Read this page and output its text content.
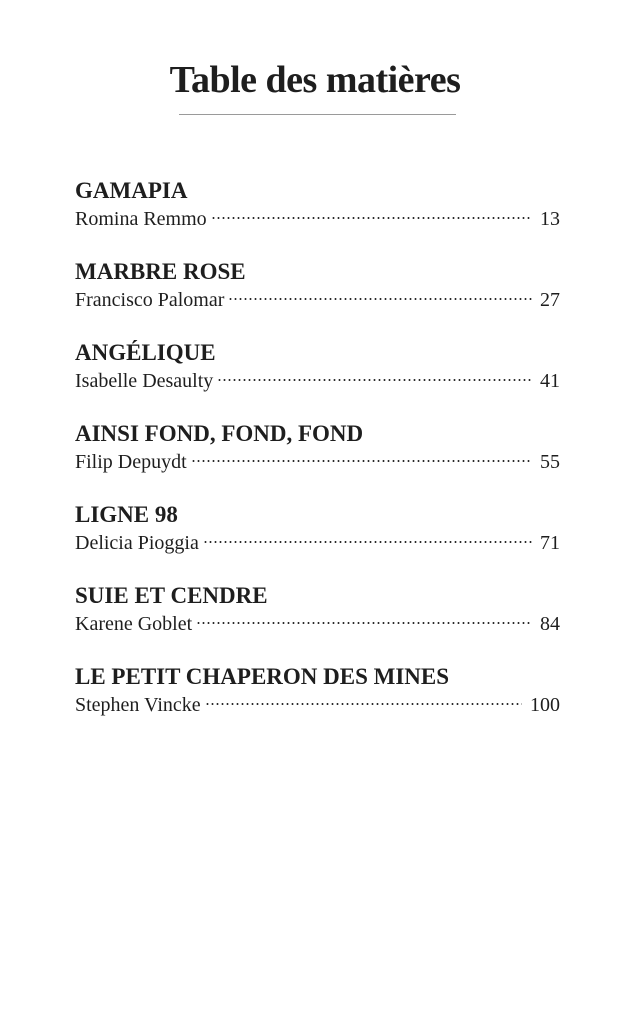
Table des matières
GAMAPIA
Romina Remmo	13
MARBRE ROSE
Francisco Palomar	27
ANGÉLIQUE
Isabelle Desaulty	41
AINSI FOND, FOND, FOND
Filip Depuydt	55
LIGNE 98
Delicia Pioggia	71
SUIE ET CENDRE
Karene Goblet	84
LE PETIT CHAPERON DES MINES
Stephen Vincke	100
